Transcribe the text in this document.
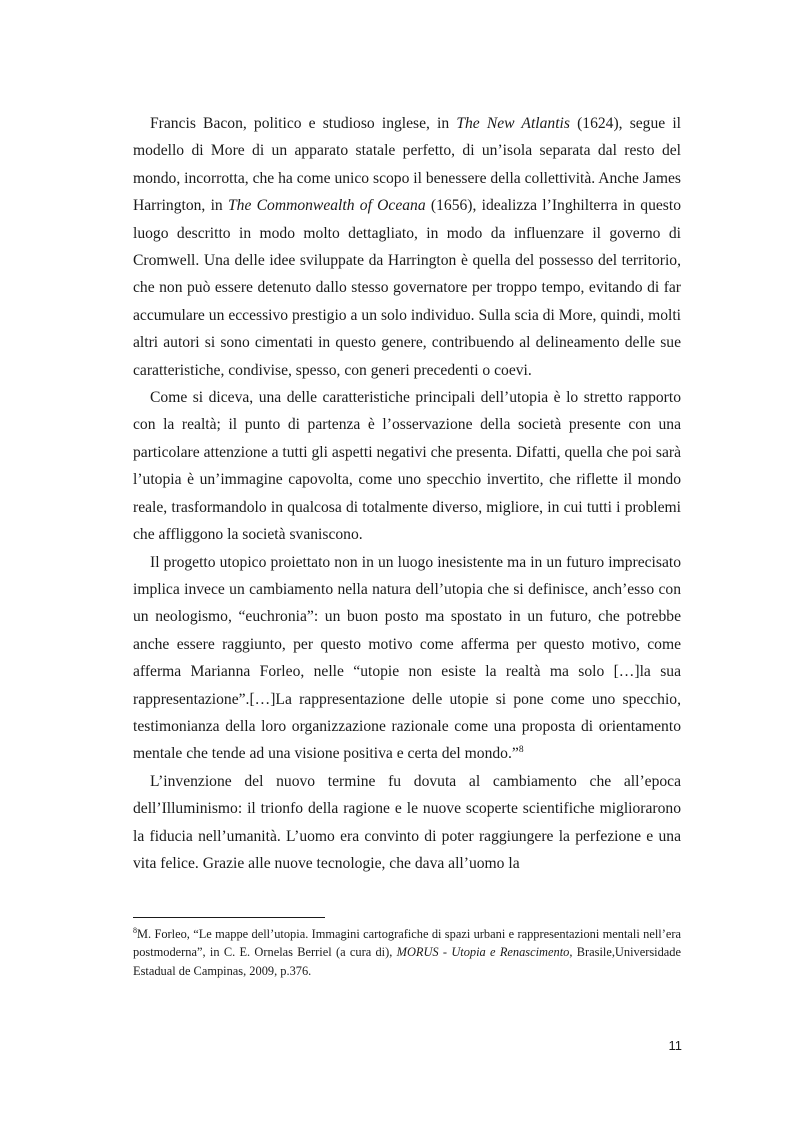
Francis Bacon, politico e studioso inglese, in The New Atlantis (1624), segue il modello di More di un apparato statale perfetto, di un’isola separata dal resto del mondo, incorrotta, che ha come unico scopo il benessere della collettività. Anche James Harrington, in The Commonwealth of Oceana (1656), idealizza l’Inghilterra in questo luogo descritto in modo molto dettagliato, in modo da influenzare il governo di Cromwell. Una delle idee sviluppate da Harrington è quella del possesso del territorio, che non può essere detenuto dallo stesso governatore per troppo tempo, evitando di far accumulare un eccessivo prestigio a un solo individuo. Sulla scia di More, quindi, molti altri autori si sono cimentati in questo genere, contribuendo al delineamento delle sue caratteristiche, condivise, spesso, con generi precedenti o coevi.

Come si diceva, una delle caratteristiche principali dell’utopia è lo stretto rapporto con la realtà; il punto di partenza è l’osservazione della società presente con una particolare attenzione a tutti gli aspetti negativi che presenta. Difatti, quella che poi sarà l’utopia è un’immagine capovolta, come uno specchio invertito, che riflette il mondo reale, trasformandolo in qualcosa di totalmente diverso, migliore, in cui tutti i problemi che affliggono la società svaniscono.

Il progetto utopico proiettato non in un luogo inesistente ma in un futuro imprecisato implica invece un cambiamento nella natura dell’utopia che si definisce, anch’esso con un neologismo, “euchronia”: un buon posto ma spostato in un futuro, che potrebbe anche essere raggiunto, per questo motivo come afferma per questo motivo, come afferma Marianna Forleo, nelle “utopie non esiste la realtà ma solo […]la sua rappresentazione”.[…]La rappresentazione delle utopie si pone come uno specchio, testimonianza della loro organizzazione razionale come una proposta di orientamento mentale che tende ad una visione positiva e certa del mondo.”$^8$

L’invenzione del nuovo termine fu dovuta al cambiamento che all’epoca dell’Illuminismo: il trionfo della ragione e le nuove scoperte scientifiche migliorarono la fiducia nell’umanità. L’uomo era convinto di poter raggiungere la perfezione e una vita felice. Grazie alle nuove tecnologie, che dava all’uomo la

$^8$M. Forleo, “Le mappe dell’utopia. Immagini cartografiche di spazi urbani e rappresentazioni mentali nell’era postmoderna”, in C. E. Ornelas Berriel (a cura di), MORUS - Utopia e Renascimento, Brasile,Universidade Estadual de Campinas, 2009, p.376.

11
